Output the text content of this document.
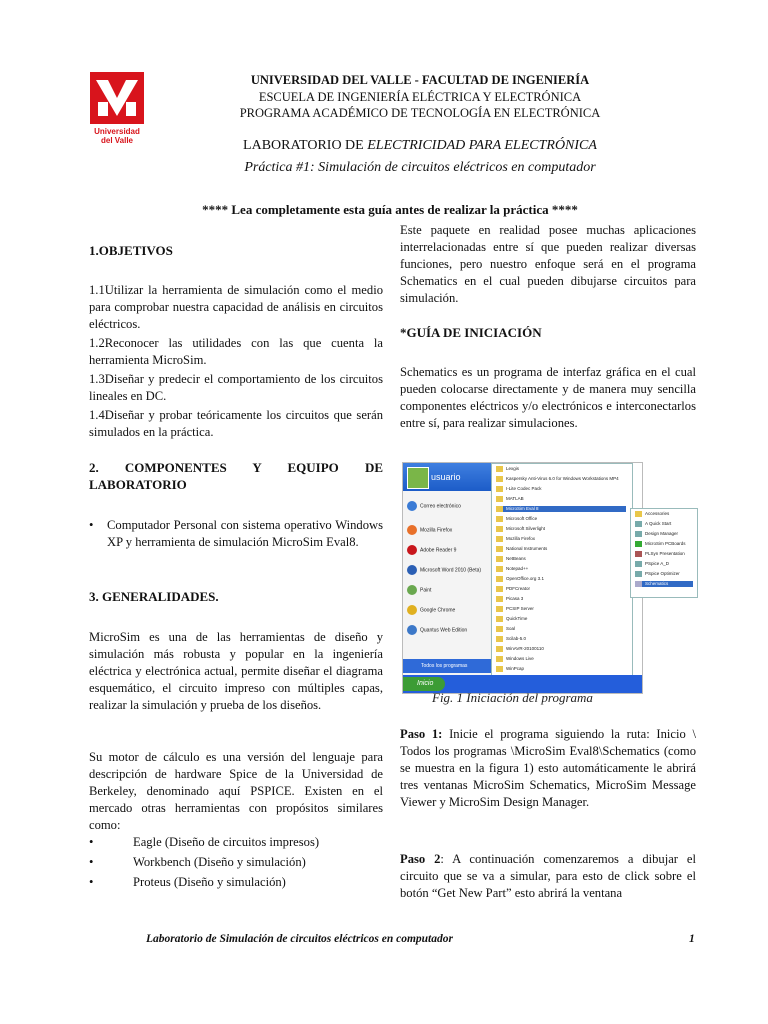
Universidad
del Valle
UNIVERSIDAD DEL VALLE - FACULTAD DE INGENIERÍA
ESCUELA DE INGENIERÍA ELÉCTRICA Y ELECTRÓNICA
PROGRAMA ACADÉMICO DE TECNOLOGÍA EN ELECTRÓNICA
LABORATORIO DE ELECTRICIDAD PARA ELECTRÓNICA
Práctica #1: Simulación de circuitos eléctricos en computador
**** Lea completamente esta guía antes de realizar la práctica ****
1.OBJETIVOS

1.1Utilizar la herramienta de simulación como el medio para comprobar nuestra capacidad de análisis en circuitos eléctricos.

1.2Reconocer las utilidades con las que cuenta la herramienta MicroSim.

1.3Diseñar y predecir el comportamiento de los circuitos lineales en DC.

1.4Diseñar y probar teóricamente los circuitos que serán simulados en la práctica.

2. COMPONENTES Y EQUIPO DE
LABORATORIO
• Computador Personal con sistema operativo Windows XP y herramienta de simulación MicroSim Eval8.
3. GENERALIDADES.
MicroSim es una de las herramientas de diseño y simulación más robusta y popular en la ingeniería eléctrica y electrónica actual, permite diseñar el diagrama esquemático, el circuito impreso con múltiples capas, realizar la simulación y prueba de los diseños.
Su motor de cálculo es una versión del lenguaje para descripción de hardware Spice de la Universidad de Berkeley, denominado aquí PSPICE. Existen en el mercado otras herramientas con propósitos similares como:
• Eagle (Diseño de circuitos impresos)
• Workbench (Diseño y simulación)
• Proteus (Diseño y simulación)
Este paquete en realidad posee muchas aplicaciones interrelacionadas entre sí que pueden realizar diversas funciones, pero nuestro enfoque será en el programa Schematics en el cual pueden dibujarse circuitos para simulación.
*GUÍA DE INICIACIÓN
Schematics es un programa de interfaz gráfica en el cual pueden colocarse directamente y de manera muy sencilla componentes eléctricos y/o electrónicos e interconectarlos entre sí, para realizar simulaciones.
usuario
Correo electrónico
Mozilla Firefox
Adobe Reader 9
Microsoft Word 2010 (Beta)
Paint
Google Chrome
Quantus Web Edition
Todos los programas
Lexgis
Kaspersky Anti-Virus 6.0 for Windows Workstations MP4
I-Lite Codec Pack
MATLAB
MicroSim Eval 8
Microsoft Office
Microsoft Silverlight
Mozilla Firefox
National Instruments
NetBeans
Notepad++
OpenOffice.org 3.1
PDFCreator
Picasa 3
PCSIP Server
QuickTime
Soal
Scilab-5.0
WinAVR-20100110
Windows Live
WinPcap
Inicio
Accessories
A Quick Start
Design Manager
MicroSim PCBoards
PLSyn Presentation
PSpice A_D
PSpice Optimizer
Schematics
Fig. 1 Iniciación del programa
Paso 1: Inicie el programa siguiendo la ruta: Inicio \ Todos los programas \MicroSim Eval8\Schematics (como se muestra en la figura 1) esto automáticamente le abrirá tres ventanas MicroSim Schematics, MicroSim Message Viewer y MicroSim Design Manager.
Paso 2: A continuación comenzaremos a dibujar el circuito que se va a simular, para esto de click sobre el botón “Get New Part” esto abrirá la ventana
Laboratorio de Simulación de circuitos eléctricos en computador	1
